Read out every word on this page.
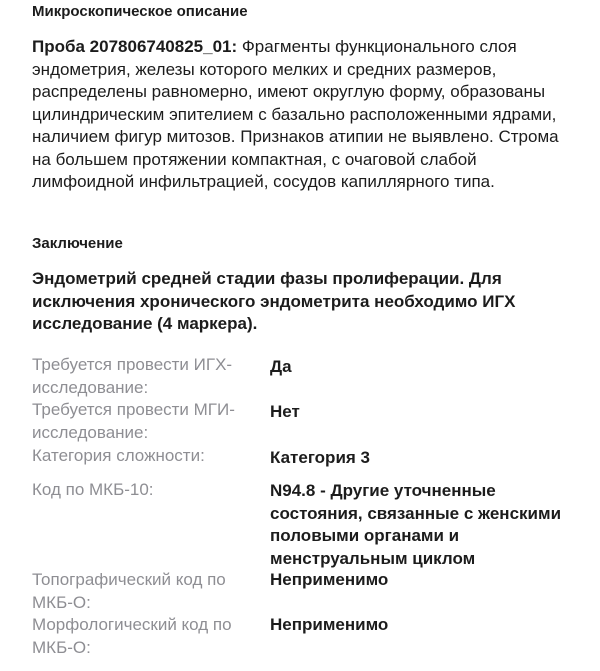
Микроскопическое описание

Проба 207806740825_01: Фрагменты функционального слоя эндометрия, железы которого мелких и средних размеров, распределены равномерно, имеют округлую форму, образованы цилиндрическим эпителием с базально расположенными ядрами, наличием фигур митозов. Признаков атипии не выявлено. Строма на большем протяжении компактная, с очаговой слабой лимфоидной инфильтрацией, сосудов капиллярного типа.

Заключение

Эндометрий средней стадии фазы пролиферации. Для исключения хронического эндометрита необходимо ИГХ исследование (4 маркера).

Требуется провести ИГХ-исследование:
Да
Требуется провести МГИ-исследование:
Нет
Категория сложности:	Категория 3
Код по МКБ-10:	N94.8 - Другие уточненные состояния, связанные с женскими половыми органами и менструальным циклом
Топографический код по МКБ-О:
Неприменимо
Морфологический код по МКБ-О:
Неприменимо
